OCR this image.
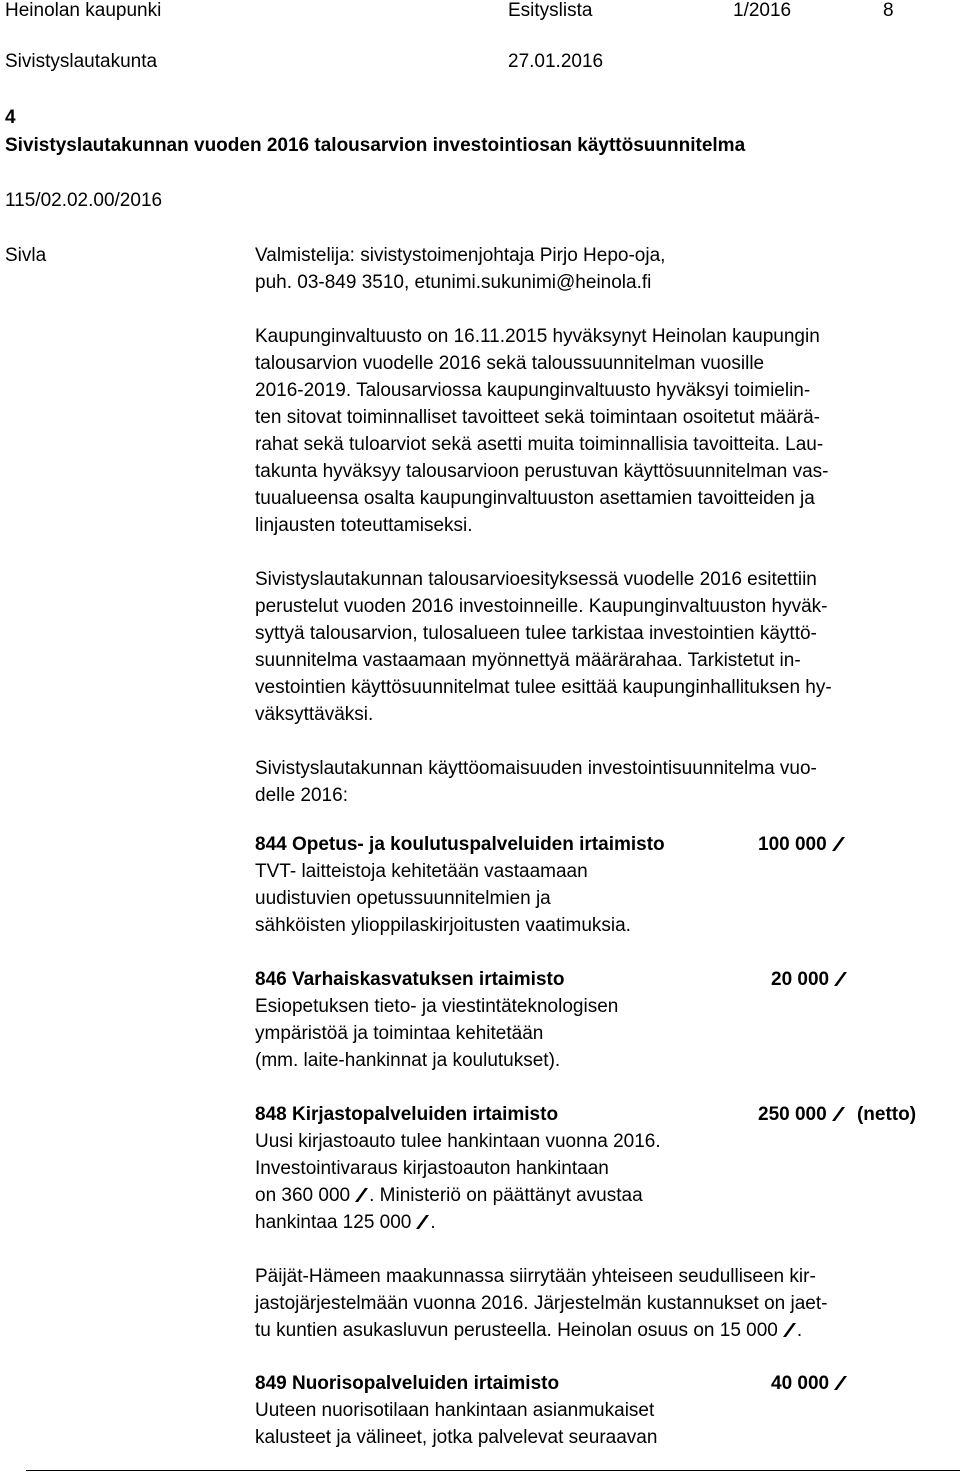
Heinolan kaupunki	Esityslista	1/2016	8
Sivistyslautakunta	27.01.2016
4
Sivistyslautakunnan vuoden 2016 talousarvion investointiosan käyttösuunnitelma
115/02.02.00/2016
Sivla	Valmistelija: sivistystoimenjohtaja Pirjo Hepo-oja,
puh. 03-849 3510, etunimi.sukunimi@heinola.fi
Kaupunginvaltuusto on 16.11.2015 hyväksynyt Heinolan kaupungin
talousarvion vuodelle 2016 sekä taloussuunnitelman vuosille
2016-2019. Talousarviossa kaupunginvaltuusto hyväksyi toimielin-
ten sitovat toiminnalliset tavoitteet sekä toimintaan osoitetut määrä-
rahat sekä tuloarviot sekä asetti muita toiminnallisia tavoitteita. Lau-
takunta hyväksyy talousarvioon perustuvan käyttösuunnitelman vas-
tuualueensa osalta kaupunginvaltuuston asettamien tavoitteiden ja
linjausten toteuttamiseksi.
Sivistyslautakunnan talousarvioesityksessä vuodelle 2016 esitettiin
perustelut vuoden 2016 investoinneille. Kaupunginvaltuuston hyväk-
syttyä talousarvion, tulosalueen tulee tarkistaa investointien käyttö-
suunnitelma vastaamaan myönnettyä määrärahaa. Tarkistetut in-
vestointien käyttösuunnitelmat tulee esittää kaupunginhallituksen hy-
väksyttäväksi.
Sivistyslautakunnan käyttöomaisuuden investointisuunnitelma vuo-
delle 2016:
844 Opetus- ja koulutuspalveluiden irtaimisto	100 000
TVT- laitteistoja kehitetään vastaamaan
uudistuvien opetussuunnitelmien ja
sähköisten ylioppilaskirjoitusten vaatimuksia.
846 Varhaiskasvatuksen irtaimisto	20 000
Esiopetuksen tieto- ja viestintäteknologisen
ympäristöä ja toimintaa kehitetään
(mm. laite-hankinnat ja koulutukset).
848 Kirjastopalveluiden irtaimisto	250 000 (netto)
Uusi kirjastoauto tulee hankintaan vuonna 2016.
Investointivaraus kirjastoauton hankintaan
on 360 000 . Ministeriö on päättänyt avustaa
hankintaa 125 000 .
Päijät-Hämeen maakunnassa siirrytään yhteiseen seudulliseen kir-
jastojärjestelmään vuonna 2016. Järjestelmän kustannukset on jaet-
tu kuntien asukasluvun perusteella. Heinolan osuus on 15 000 .
849 Nuorisopalveluiden irtaimisto	40 000
Uuteen nuorisotilaan hankintaan asianmukaiset
kalusteet ja välineet, jotka palvelevat seuraavan
